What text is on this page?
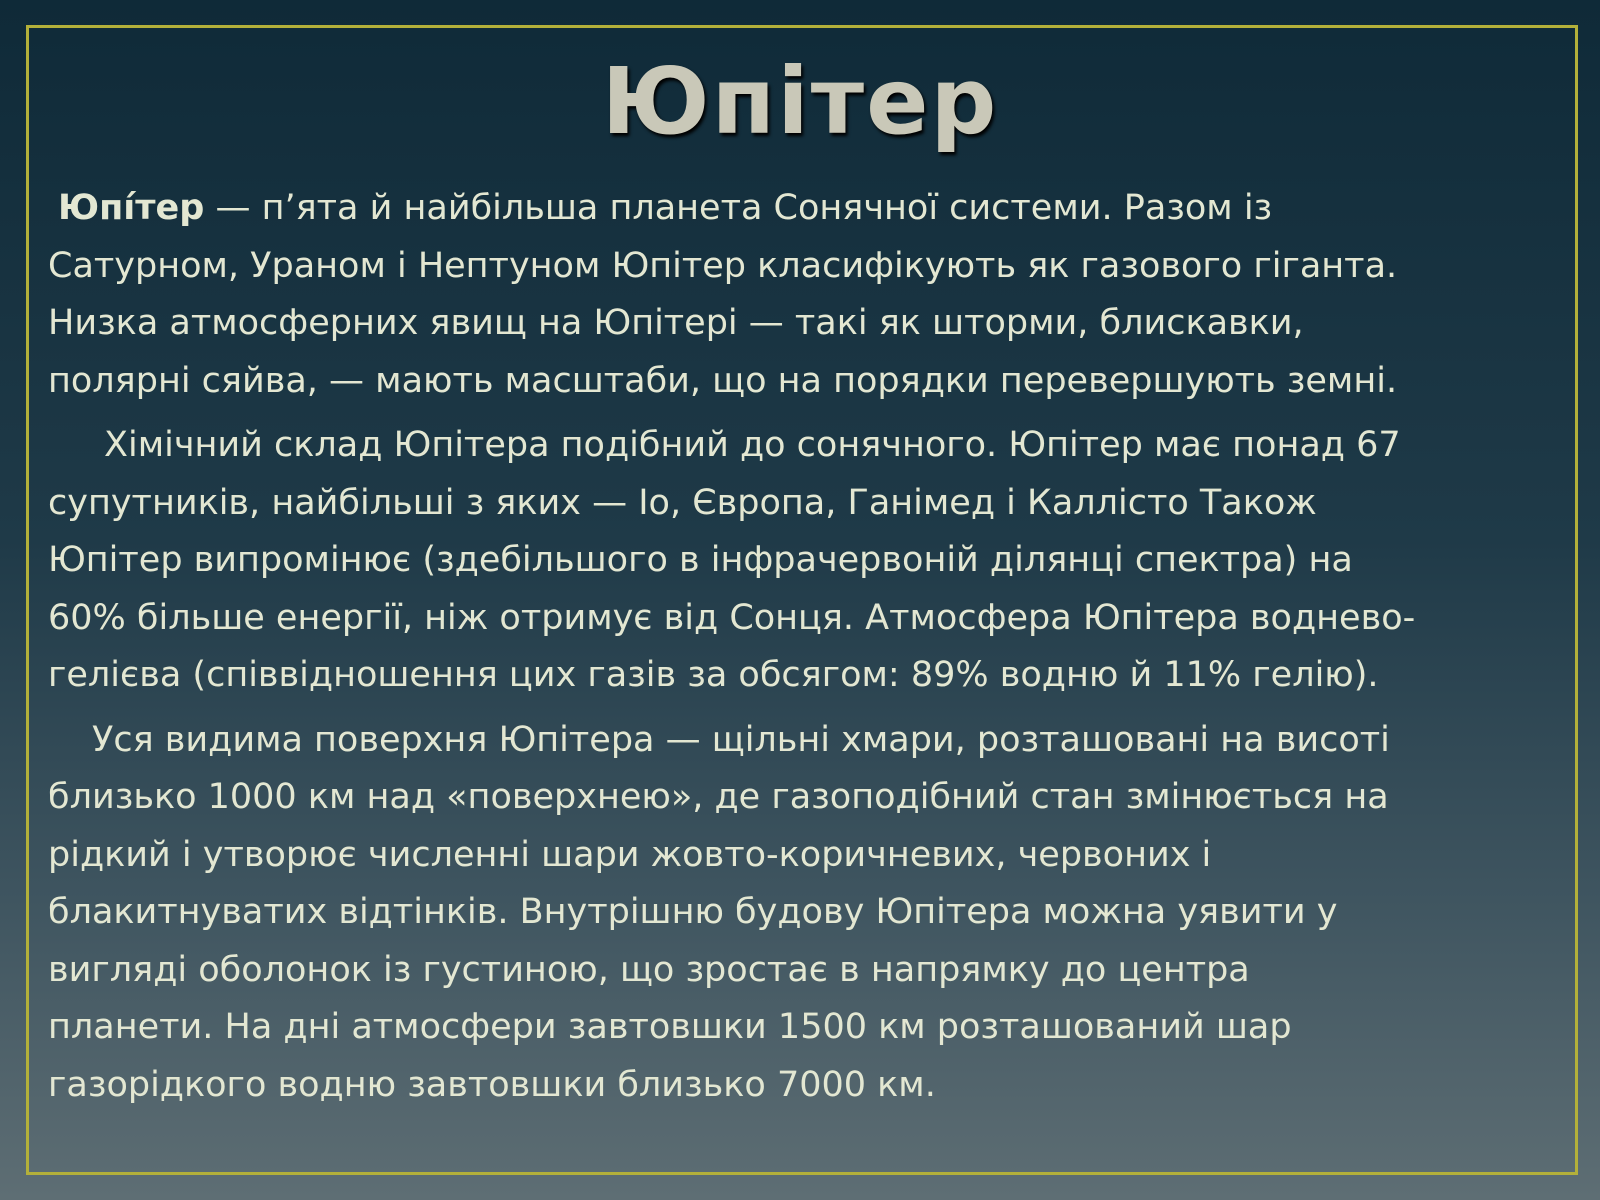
Юпітер
Юпі́тер — п’ята й найбільша планета Сонячної системи. Разом із
Сатурном, Ураном і Нептуном Юпітер класифікують як газового гіганта.
Низка атмосферних явищ на Юпітері — такі як шторми, блискавки,
полярні сяйва, — мають масштаби, що на порядки перевершують земні.
Хімічний склад Юпітера подібний до сонячного. Юпітер має понад 67
супутників, найбільші з яких — Іо, Європа, Ганімед і Каллісто Також
Юпітер випромінює (здебільшого в інфрачервоній ділянці спектра) на
60% більше енергії, ніж отримує від Сонця. Атмосфера Юпітера воднево-
гелієва (співвідношення цих газів за обсягом: 89% водню й 11% гелію).
Уся видима поверхня Юпітера — щільні хмари, розташовані на висоті
близько 1000 км над «поверхнею», де газоподібний стан змінюється на
рідкий і утворює численні шари жовто-коричневих, червоних і
блакитнуватих відтінків. Внутрішню будову Юпітера можна уявити у
вигляді оболонок із густиною, що зростає в напрямку до центра
планети. На дні атмосфери завтовшки 1500 км розташований шар
газорідкого водню завтовшки близько 7000 км.
